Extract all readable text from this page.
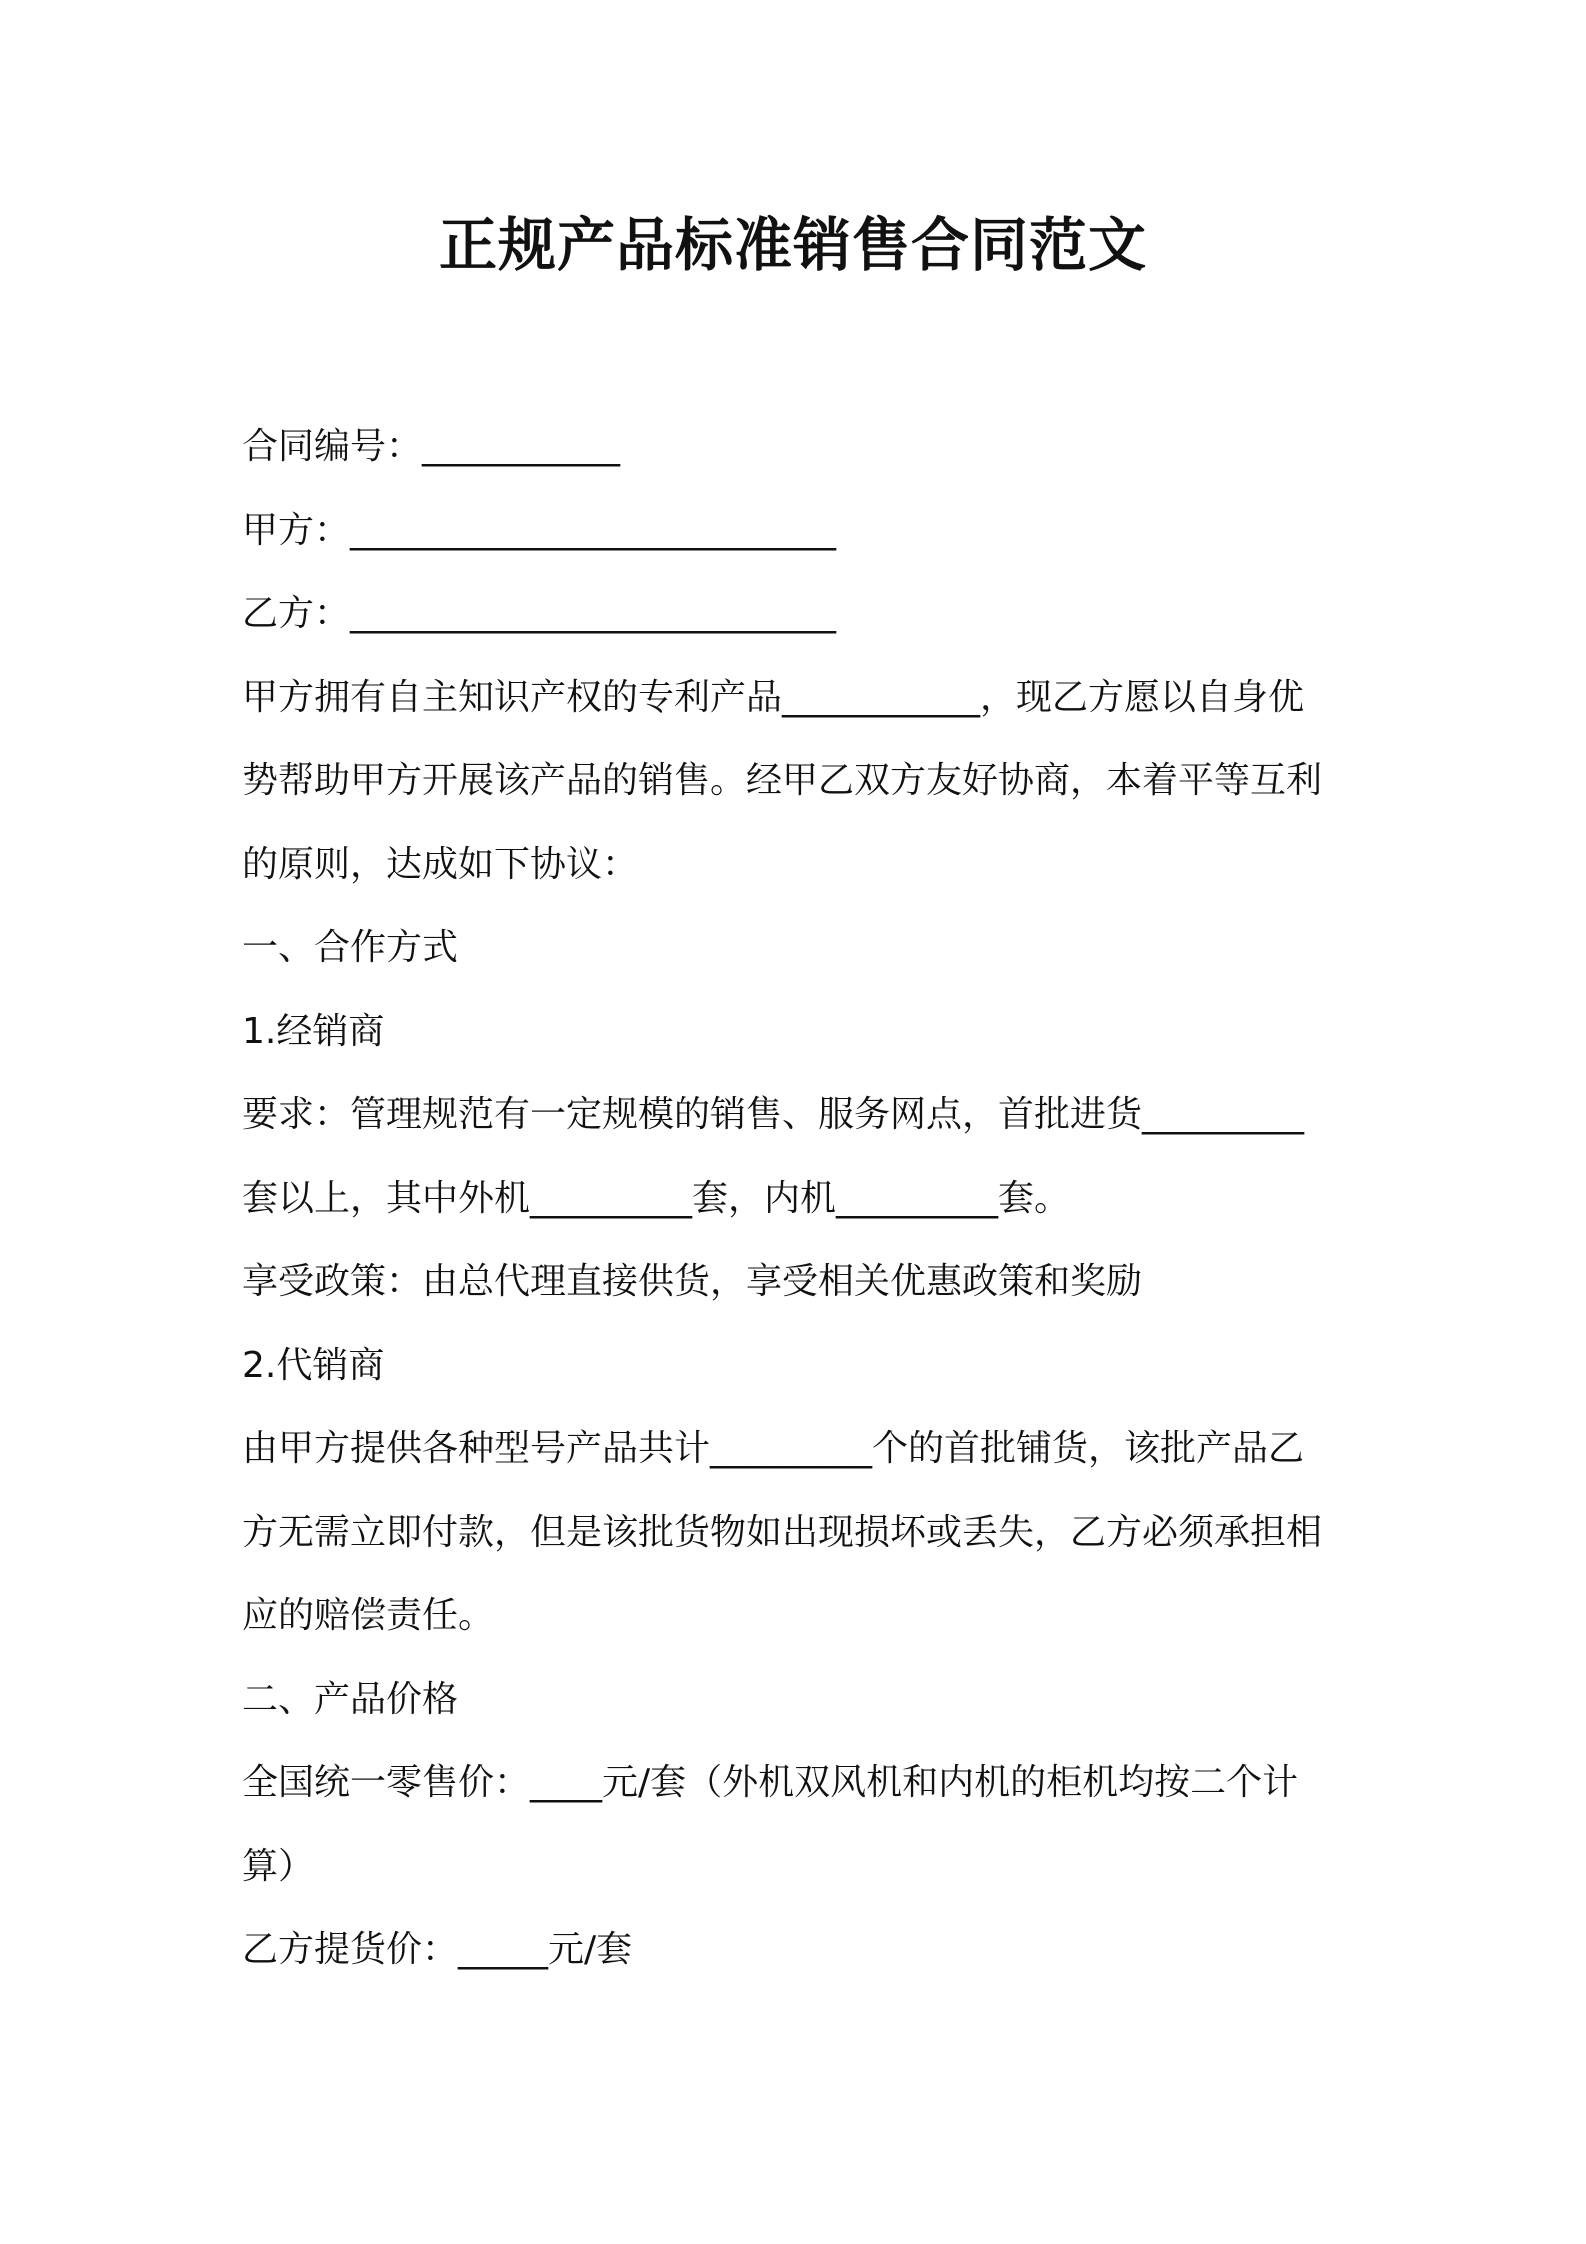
正规产品标准销售合同范文
合同编号：___________
甲方：___________________________
乙方：___________________________
甲方拥有自主知识产权的专利产品___________，现乙方愿以自身优
势帮助甲方开展该产品的销售。经甲乙双方友好协商，本着平等互利
的原则，达成如下协议：
一、合作方式
1.经销商
要求：管理规范有一定规模的销售、服务网点，首批进货_________
套以上，其中外机_________套，内机_________套。
享受政策：由总代理直接供货，享受相关优惠政策和奖励
2.代销商
由甲方提供各种型号产品共计_________个的首批铺货，该批产品乙
方无需立即付款，但是该批货物如出现损坏或丢失，乙方必须承担相
应的赔偿责任。
二、产品价格
全国统一零售价：____元/套（外机双风机和内机的柜机均按二个计
算）
乙方提货价：_____元/套
